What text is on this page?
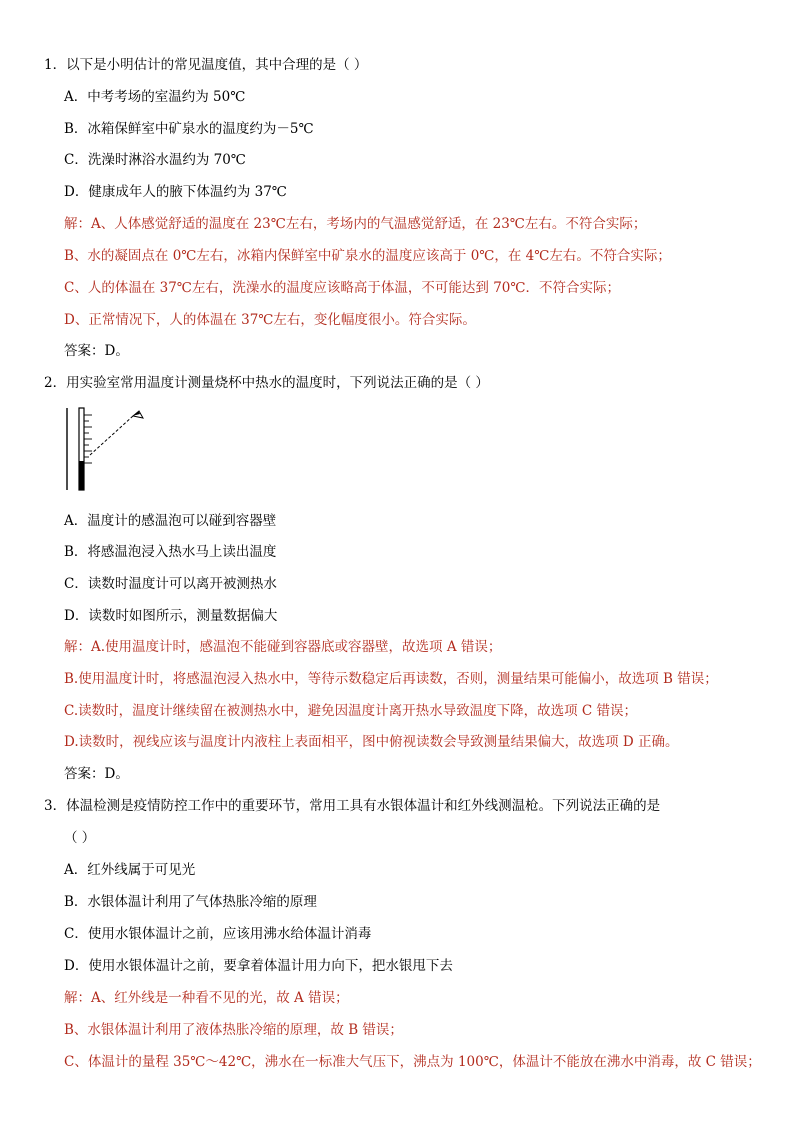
1．以下是小明估计的常见温度值，其中合理的是（ ）
A．中考考场的室温约为 50℃
B．冰箱保鲜室中矿泉水的温度约为－5℃
C．洗澡时淋浴水温约为 70℃
D．健康成年人的腋下体温约为 37℃
解：A、人体感觉舒适的温度在 23℃左右，考场内的气温感觉舒适，在 23℃左右。不符合实际；
B、水的凝固点在 0℃左右，冰箱内保鲜室中矿泉水的温度应该高于 0℃，在 4℃左右。不符合实际；
C、人的体温在 37℃左右，洗澡水的温度应该略高于体温，不可能达到 70℃．不符合实际；
D、正常情况下，人的体温在 37℃左右，变化幅度很小。符合实际。
答案：D。
2．用实验室常用温度计测量烧杯中热水的温度时，下列说法正确的是（ ）
A．温度计的感温泡可以碰到容器壁
B．将感温泡浸入热水马上读出温度
C．读数时温度计可以离开被测热水
D．读数时如图所示，测量数据偏大
解：A.使用温度计时，感温泡不能碰到容器底或容器壁，故选项 A 错误；
B.使用温度计时，将感温泡浸入热水中，等待示数稳定后再读数，否则，测量结果可能偏小，故选项 B 错误；
C.读数时，温度计继续留在被测热水中，避免因温度计离开热水导致温度下降，故选项 C 错误；
D.读数时，视线应该与温度计内液柱上表面相平，图中俯视读数会导致测量结果偏大，故选项 D 正确。
答案：D。
3．体温检测是疫情防控工作中的重要环节，常用工具有水银体温计和红外线测温枪。下列说法正确的是
（ ）
A．红外线属于可见光
B．水银体温计利用了气体热胀冷缩的原理
C．使用水银体温计之前，应该用沸水给体温计消毒
D．使用水银体温计之前，要拿着体温计用力向下，把水银甩下去
解：A、红外线是一种看不见的光，故 A 错误；
B、水银体温计利用了液体热胀冷缩的原理，故 B 错误；
C、体温计的量程 35℃～42℃，沸水在一标准大气压下，沸点为 100℃，体温计不能放在沸水中消毒，故 C 错误；
